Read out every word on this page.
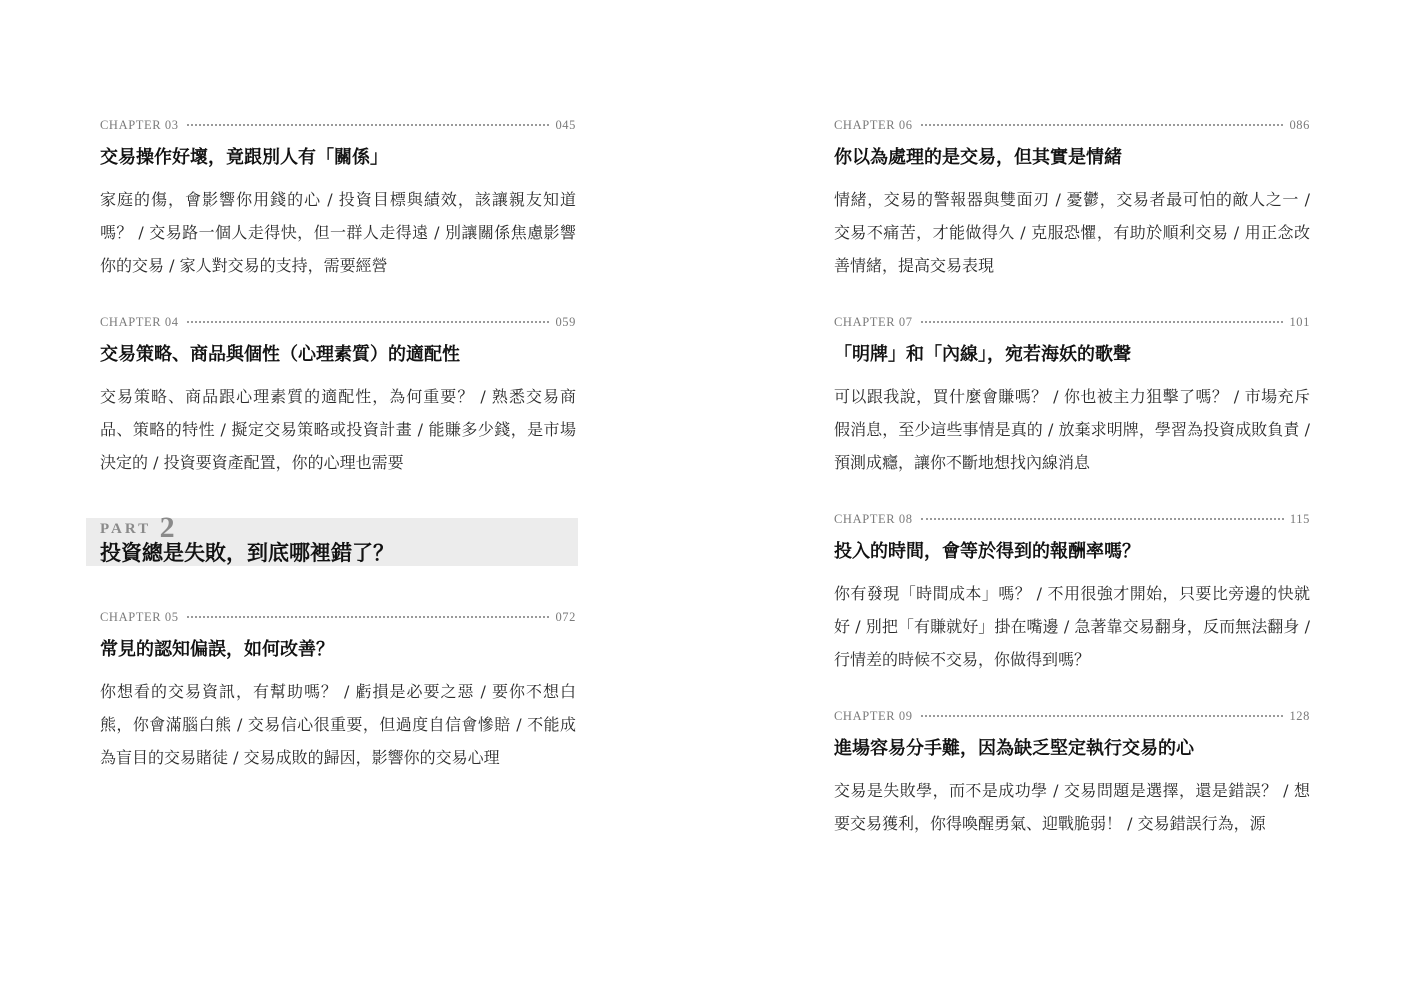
CHAPTER 03	045
交易操作好壞，竟跟別人有「關係」
家庭的傷，會影響你用錢的心 / 投資目標與績效，該讓親友知道嗎？ / 交易路一個人走得快，但一群人走得遠 / 別讓關係焦慮影響你的交易 / 家人對交易的支持，需要經營
CHAPTER 04	059
交易策略、商品與個性（心理素質）的適配性
交易策略、商品跟心理素質的適配性，為何重要？ / 熟悉交易商品、策略的特性 / 擬定交易策略或投資計畫 / 能賺多少錢，是市場決定的 / 投資要資產配置，你的心理也需要
CHAPTER 05	072
常見的認知偏誤，如何改善？
你想看的交易資訊，有幫助嗎？ / 虧損是必要之惡 / 要你不想白熊，你會滿腦白熊 / 交易信心很重要，但過度自信會慘賠 / 不能成為盲目的交易賭徒 / 交易成敗的歸因，影響你的交易心理
PART 2
投資總是失敗，到底哪裡錯了？
CHAPTER 06	086
你以為處理的是交易，但其實是情緒
情緒，交易的警報器與雙面刃 / 憂鬱，交易者最可怕的敵人之一 / 交易不痛苦，才能做得久 / 克服恐懼，有助於順利交易 / 用正念改善情緒，提高交易表現
CHAPTER 07	101
「明牌」和「內線」，宛若海妖的歌聲
可以跟我說，買什麼會賺嗎？ / 你也被主力狙擊了嗎？ / 市場充斥假消息，至少這些事情是真的 / 放棄求明牌，學習為投資成敗負責 / 預測成癮，讓你不斷地想找內線消息
CHAPTER 08	115
投入的時間，會等於得到的報酬率嗎？
你有發現「時間成本」嗎？ / 不用很強才開始，只要比旁邊的快就好 / 別把「有賺就好」掛在嘴邊 / 急著靠交易翻身，反而無法翻身 / 行情差的時候不交易，你做得到嗎？
CHAPTER 09	128
進場容易分手難，因為缺乏堅定執行交易的心
交易是失敗學，而不是成功學 / 交易問題是選擇，還是錯誤？ / 想要交易獲利，你得喚醒勇氣、迎戰脆弱！ / 交易錯誤行為，源
